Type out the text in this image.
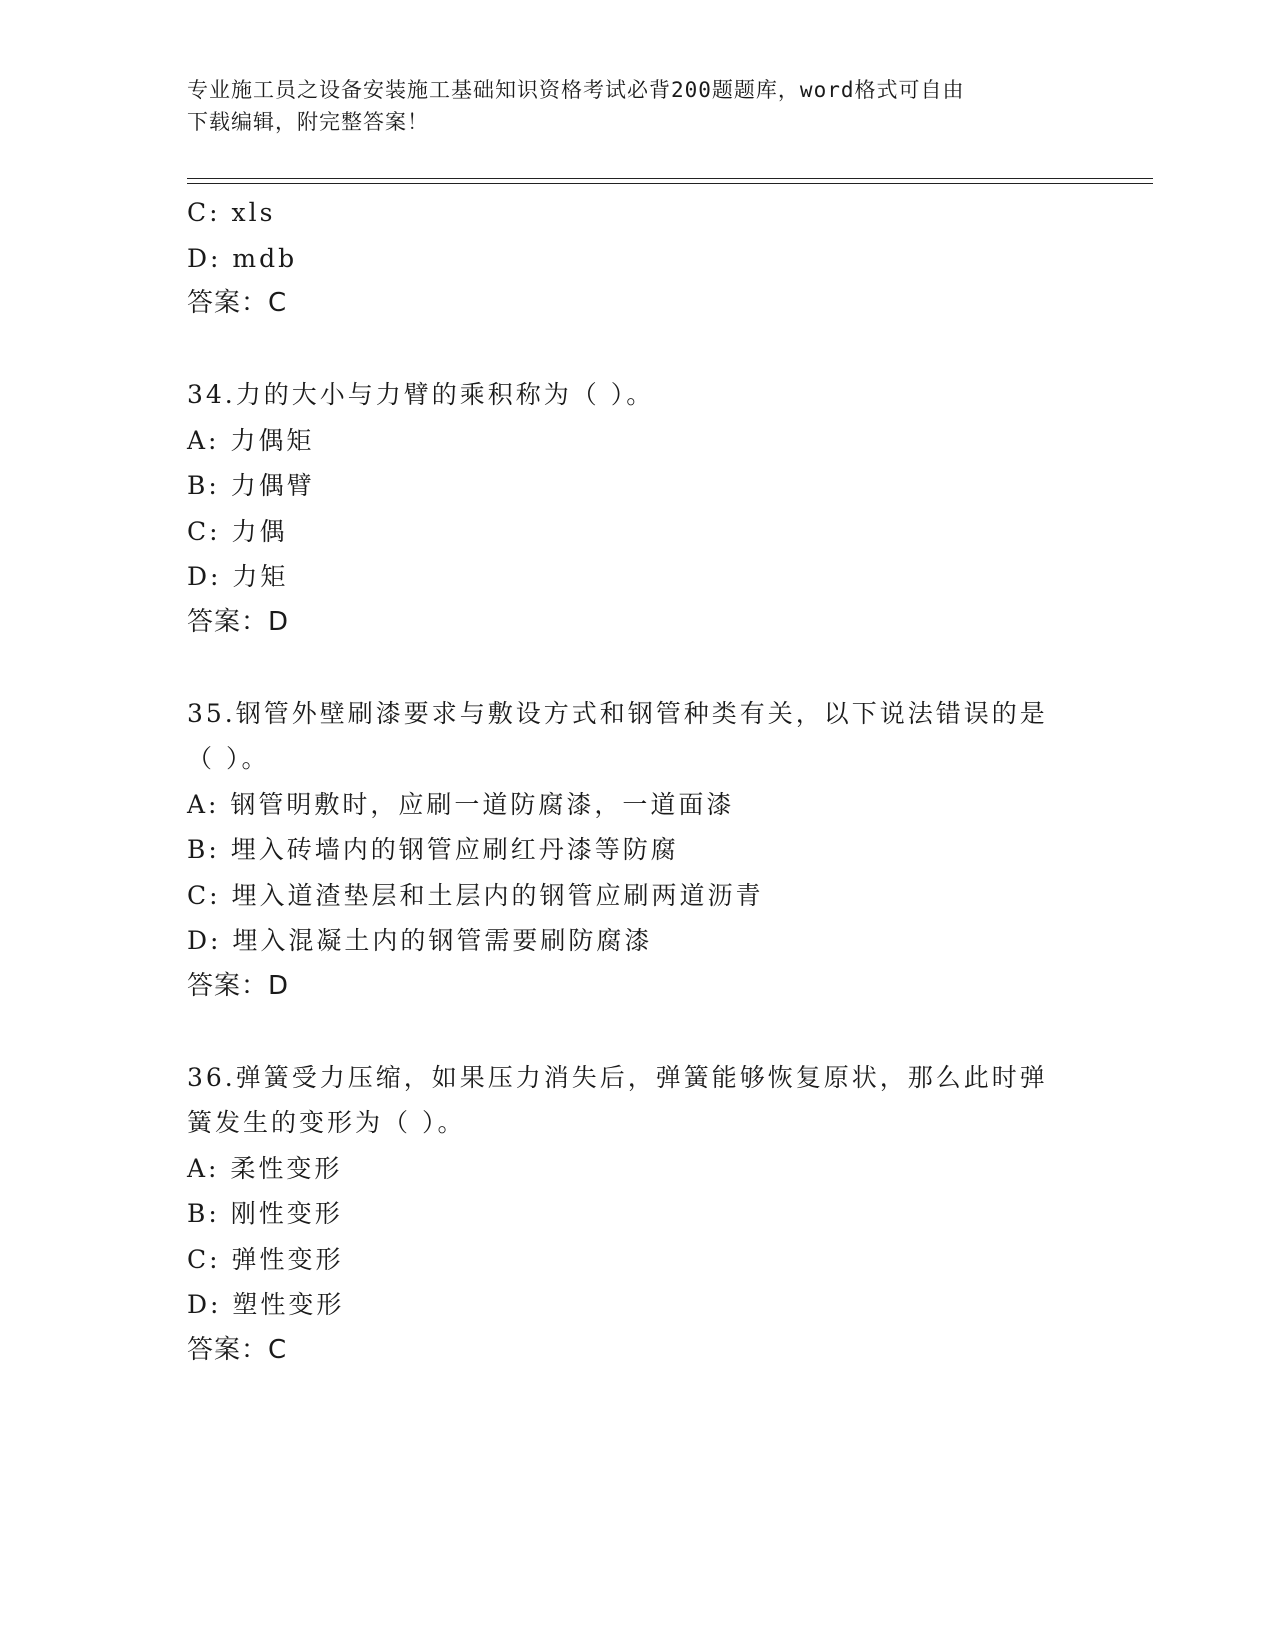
专业施工员之设备安装施工基础知识资格考试必背200题题库，word格式可自由
下载编辑，附完整答案！
C: xls
D: mdb
答案：C
34.力的大小与力臂的乘积称为（ ）。
A: 力偶矩
B: 力偶臂
C: 力偶
D: 力矩
答案：D
35.钢管外壁刷漆要求与敷设方式和钢管种类有关，以下说法错误的是
（ ）。
A: 钢管明敷时，应刷一道防腐漆，一道面漆
B: 埋入砖墙内的钢管应刷红丹漆等防腐
C: 埋入道渣垫层和土层内的钢管应刷两道沥青
D: 埋入混凝土内的钢管需要刷防腐漆
答案：D
36.弹簧受力压缩，如果压力消失后，弹簧能够恢复原状，那么此时弹
簧发生的变形为（ ）。
A: 柔性变形
B: 刚性变形
C: 弹性变形
D: 塑性变形
答案：C
